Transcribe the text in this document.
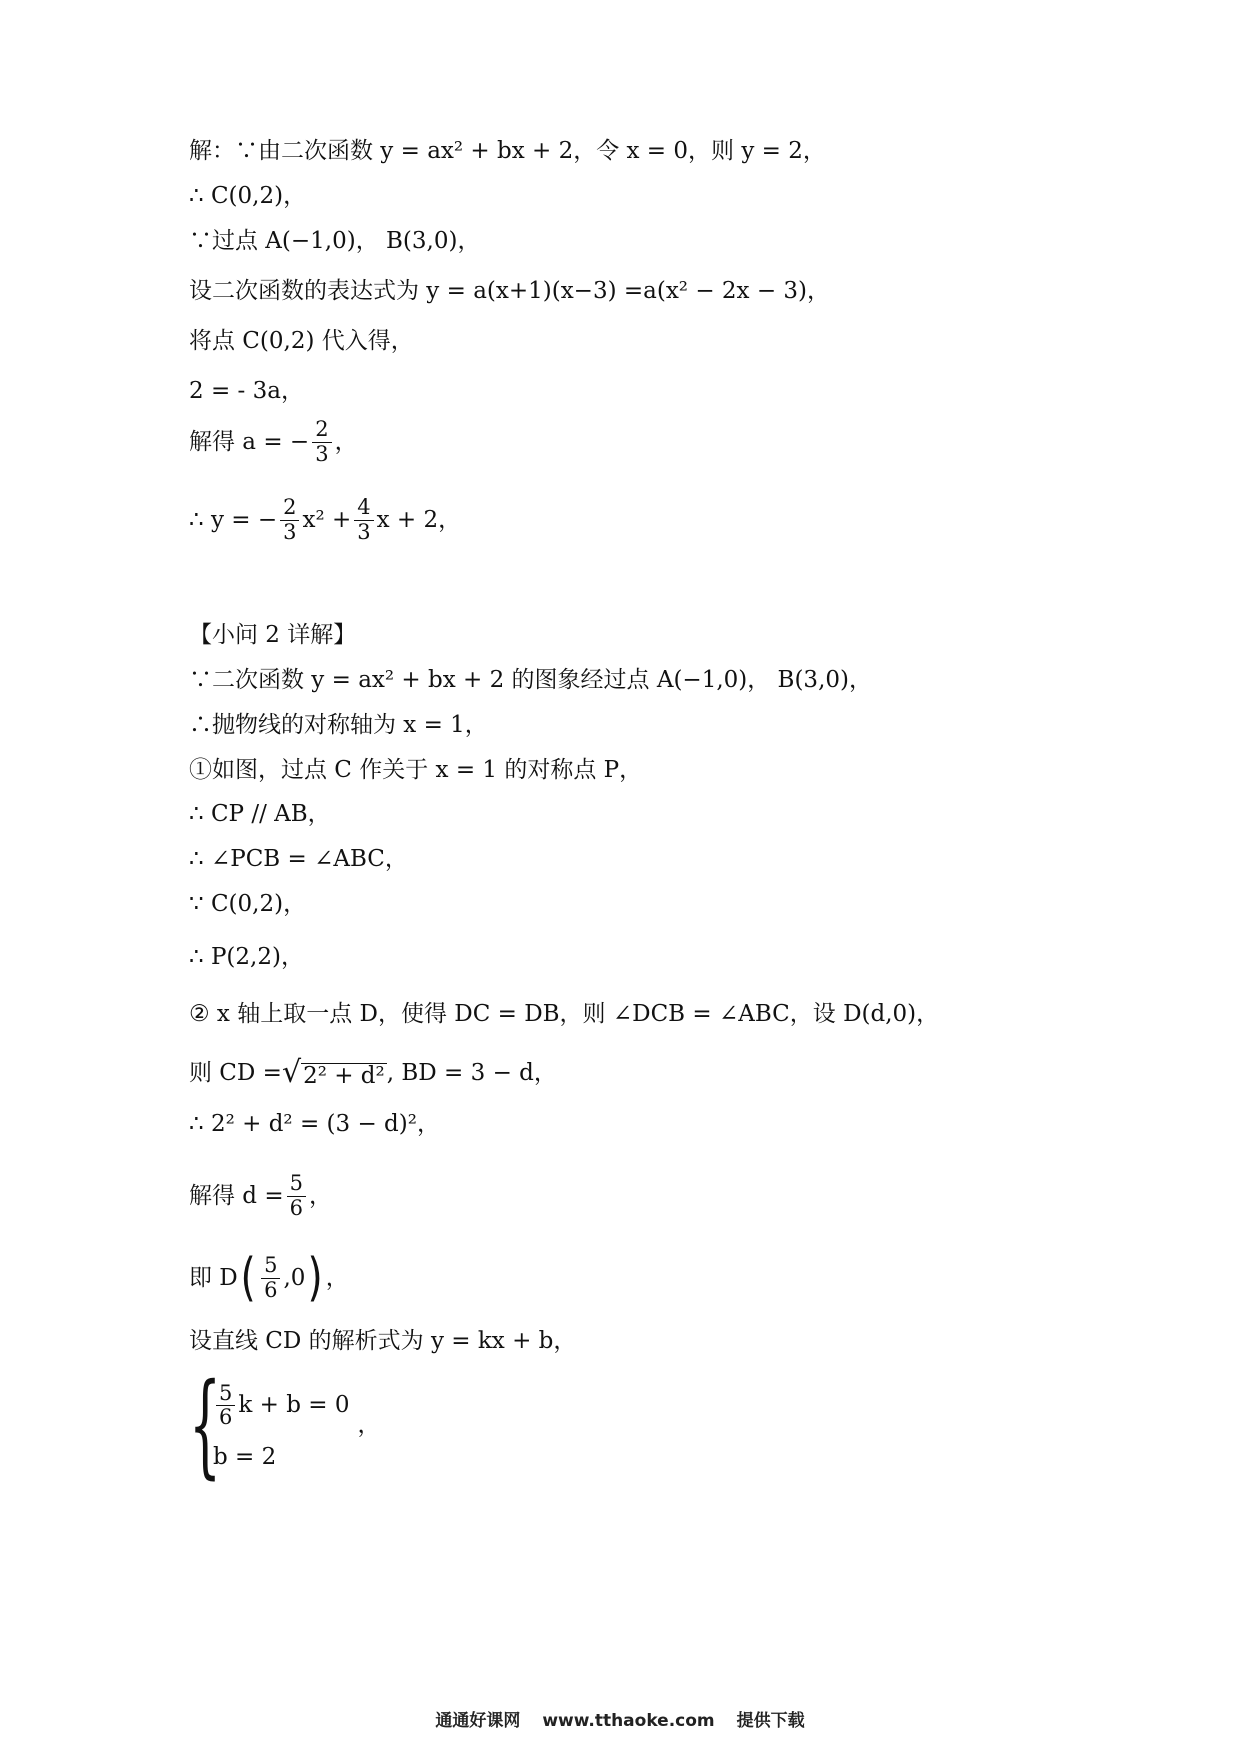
解：∵由二次函数 y = ax² + bx + 2，令 x = 0，则 y = 2，
∴ C(0,2)，
∵过点 A(−1,0)， B(3,0)，
设二次函数的表达式为 y = a(x+1)(x−3) =a(x² − 2x − 3)，
将点 C(0,2) 代入得，
2 = - 3a，
解得 a = − $\frac{2}{3}$ ，
∴ y = − $\frac{2}{3} x^2 + \frac{4}{3}$ x + 2，
【小问 2 详解】
∵二次函数 y = ax² + bx + 2 的图象经过点 A(−1,0)， B(3,0)，
∴抛物线的对称轴为 x = 1，
①如图，过点 C 作关于 x = 1 的对称点 P，
∴ CP // AB，
∴ ∠PCB = ∠ABC，
∵ C(0,2)，
∴ P(2,2)，
② x 轴上取一点 D，使得 DC = DB，则 ∠DCB = ∠ABC，设 D(d,0)，
则 CD = √ 2² + d² , BD = 3 − d，
∴ 2² + d² = (3 − d)²，
解得 $d = \frac{5}{6}$ ，
即 D ( $\frac{5}{6} ,0$ ) ，
设直线 CD 的解析式为 y = kx + b，
{
$\frac{5}{6}$ k + b = 0
b = 2
，
通通好课网 www.tthaoke.com 提供下载
